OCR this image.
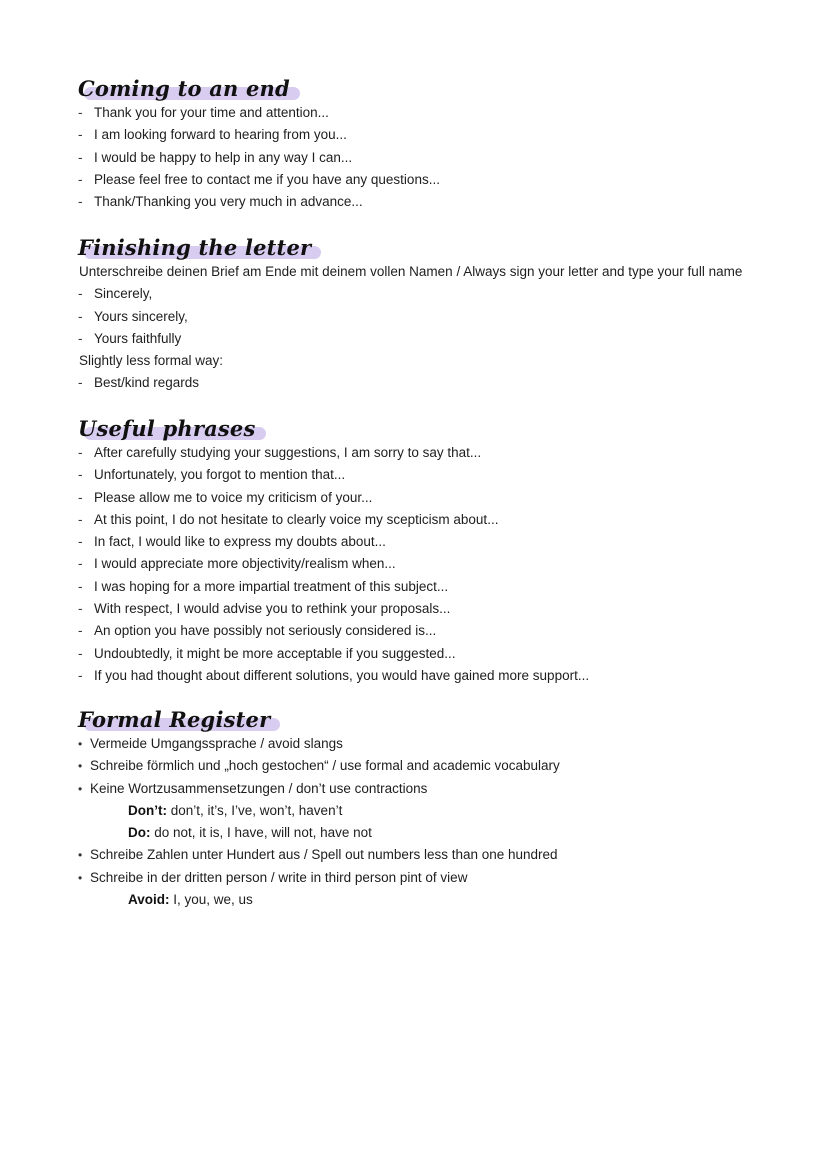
Coming to an end
- Thank you for your time and attention...
- I am looking forward to hearing from you...
- I would be happy to help in any way I can...
- Please feel free to contact me if you have any questions...
- Thank/Thanking you very much in advance...
Finishing the letter
Unterschreibe deinen Brief am Ende mit deinem vollen Namen / Always sign your letter and type your full name
- Sincerely,
- Yours sincerely,
- Yours faithfully
Slightly less formal way:
- Best/kind regards
Useful phrases
- After carefully studying your suggestions, I am sorry to say that...
- Unfortunately, you forgot to mention that...
- Please allow me to voice my criticism of your...
- At this point, I do not hesitate to clearly voice my scepticism about...
- In fact, I would like to express my doubts about...
- I would appreciate more objectivity/realism when...
- I was hoping for a more impartial treatment of this subject...
- With respect, I would advise you to rethink your proposals...
- An option you have possibly not seriously considered is...
- Undoubtedly, it might be more acceptable if you suggested...
- If you had thought about different solutions, you would have gained more support...
Formal Register
• Vermeide Umgangssprache / avoid slangs
• Schreibe förmlich und „hoch gestochen“ / use formal and academic vocabulary
• Keine Wortzusammensetzungen / don’t use contractions
Don’t: don’t, it’s, I’ve, won’t, haven’t
Do: do not, it is, I have, will not, have not
• Schreibe Zahlen unter Hundert aus / Spell out numbers less than one hundred
• Schreibe in der dritten person / write in third person pint of view
Avoid: I, you, we, us
